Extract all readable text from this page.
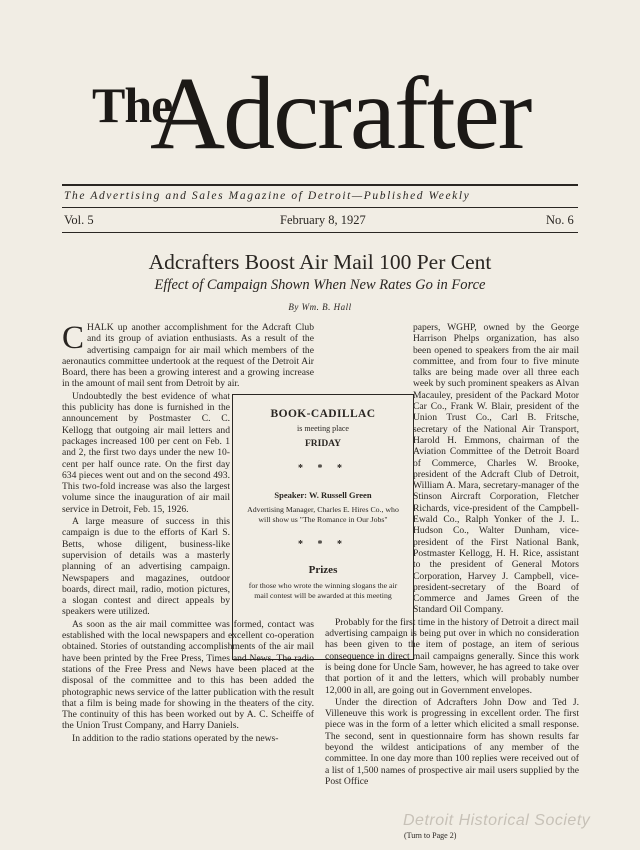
The
Adcrafter
The Advertising and Sales Magazine of Detroit—Published Weekly
Vol. 5	February 8, 1927	No. 6
Adcrafters Boost Air Mail 100 Per Cent
Effect of Campaign Shown When New Rates Go in Force
By Wm. B. Hall

CHALK up another accomplishment for the Adcraft Club and its group of aviation enthusiasts. As a result of the advertising campaign for air mail which members of the aeronautics committee undertook at the request of the Detroit Air Board, there has been a growing interest and a growing increase in the amount of mail sent from Detroit by air.

Undoubtedly the best evidence of what this publicity has done is furnished in the announcement by Postmaster C. C. Kellogg that outgoing air mail letters and packages increased 100 per cent on Feb. 1 and 2, the first two days under the new 10-cent per half ounce rate. On the first day 634 pieces went out and on the second 493. This two-fold increase was also the largest volume since the inauguration of air mail service in Detroit, Feb. 15, 1926.

A large measure of success in this campaign is due to the efforts of Karl S. Betts, whose diligent, business-like supervision of details was a masterly planning of an advertising campaign. Newspapers and magazines, outdoor boards, direct mail, radio, motion pictures, a slogan contest and direct appeals by speakers were utilized.

As soon as the air mail committee was formed, contact was established with the local newspapers and excellent co-operation obtained. Stories of outstanding accomplishments of the air mail have been printed by the Free Press, Times and News. The radio stations of the Free Press and News have been placed at the disposal of the committee and to this has been added the photographic news service of the latter publication with the result that a film is being made for showing in the theaters of the city. The continuity of this has been worked out by A. C. Scheiffe of the Union Trust Company, and Harry Daniels.

In addition to the radio stations operated by the news-

papers, WGHP, owned by the George Harrison Phelps organization, has also been opened to speakers from the air mail committee, and from four to five minute talks are being made over all three each week by such prominent speakers as Alvan Macauley, president of the Packard Motor Car Co., Frank W. Blair, president of the Union Trust Co., Carl B. Fritsche, secretary of the National Air Transport, Harold H. Emmons, chairman of the Aviation Committee of the Detroit Board of Commerce, Charles W. Brooke, president of the Adcraft Club of Detroit, William A. Mara, secretary-manager of the Stinson Aircraft Corporation, Fletcher Richards, vice-president of the Campbell-Ewald Co., Ralph Yonker of the J. L. Hudson Co., Walter Dunham, vice-president of the First National Bank, Postmaster Kellogg, H. H. Rice, assistant to the president of General Motors Corporation, Harvey J. Campbell, vice-president-secretary of the Board of Commerce and James Green of the Standard Oil Company.

Probably for the first time in the history of Detroit a direct mail advertising campaign is being put over in which no consideration has been given to the item of postage, an item of serious consequence in direct mail campaigns generally. Since this work is being done for Uncle Sam, however, he has agreed to take over that portion of it and the letters, which will probably number 12,000 in all, are going out in Government envelopes.

Under the direction of Adcrafters John Dow and Ted J. Villeneuve this work is progressing in excellent order. The first piece was in the form of a letter which elicited a small response. The second, sent in questionnaire form has shown results far beyond the wildest anticipations of any member of the committee. In one day more than 100 replies were received out of a list of 1,500 names of prospective air mail users supplied by the Post Office

BOOK-CADILLAC
is meeting place
FRIDAY
* * *
Speaker: W. Russell Green
Advertising Manager, Charles E. Hires Co., who will show us "The Romance in Our Jobs"
* * *
Prizes
for those who wrote the winning slogans the air mail contest will be awarded at this meeting
(Turn to Page 2)
Detroit Historical Society
